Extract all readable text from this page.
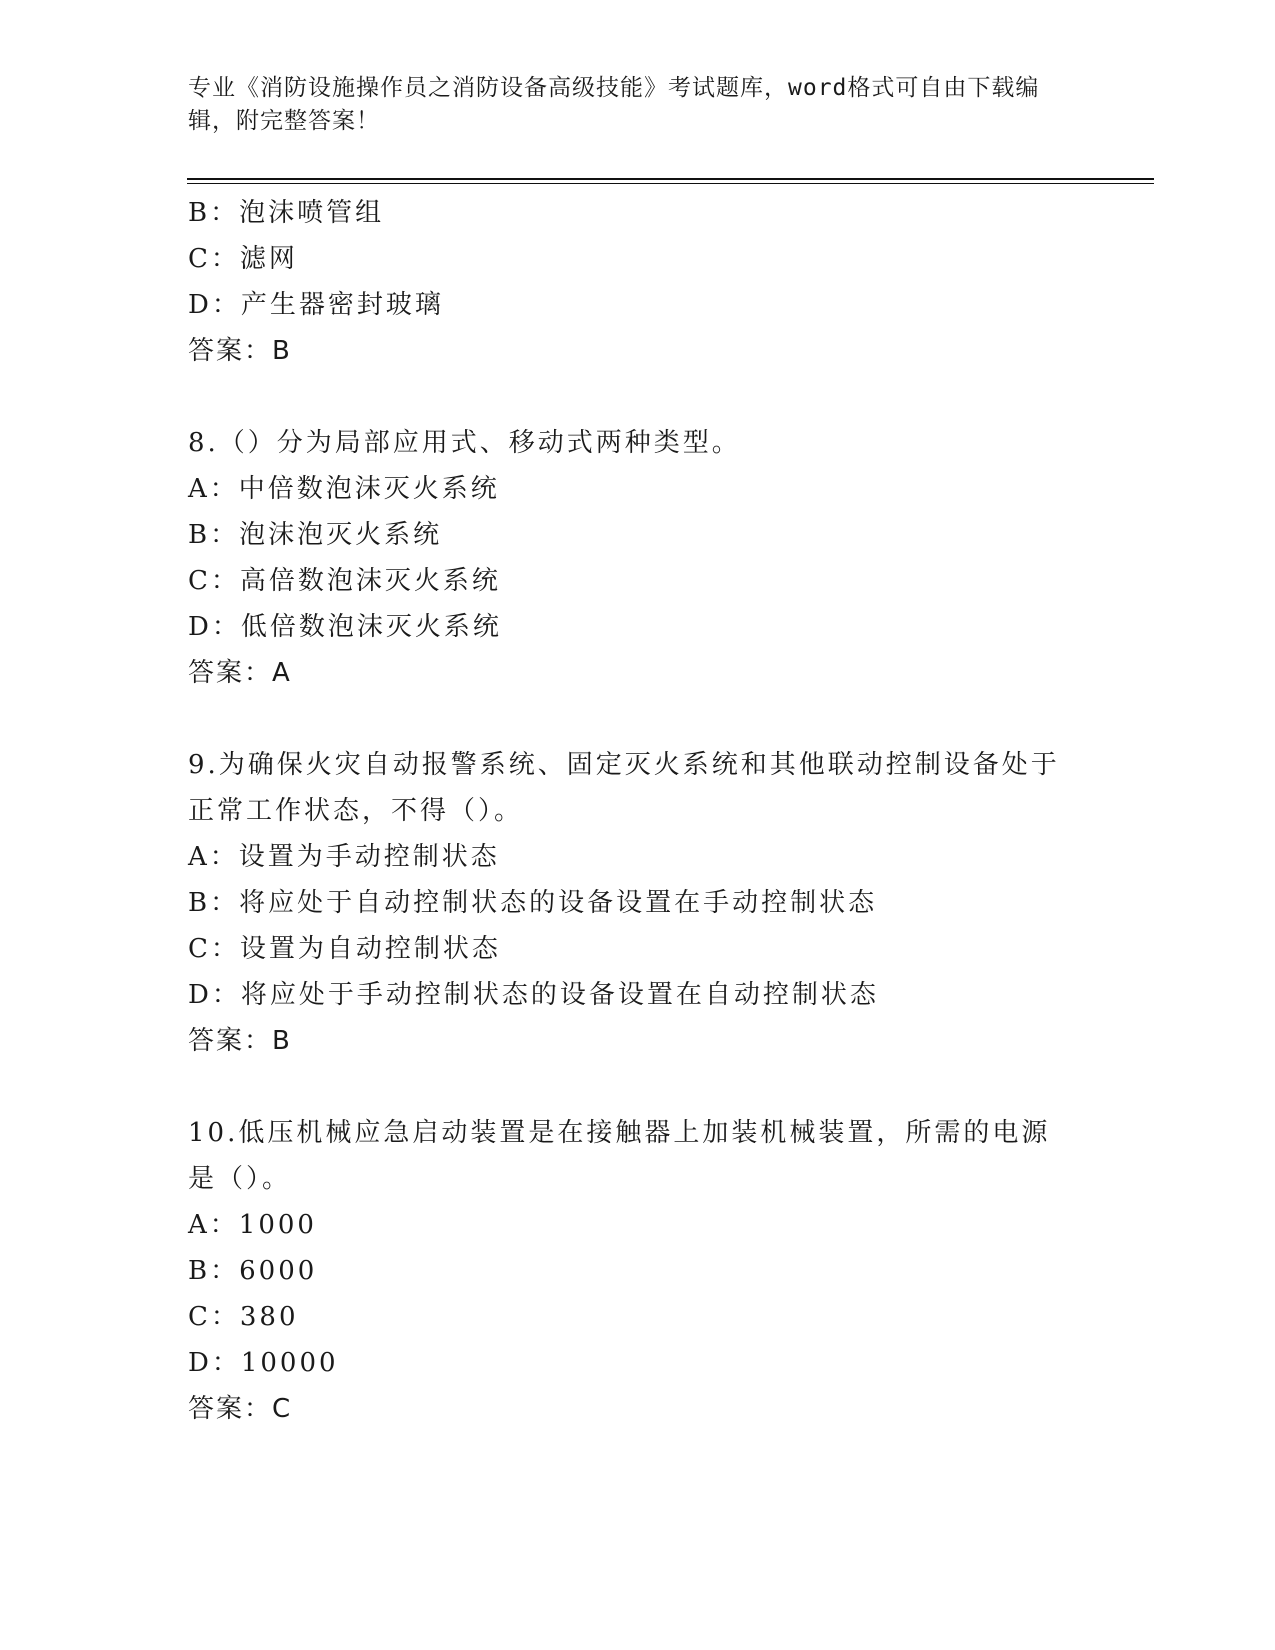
专业《消防设施操作员之消防设备高级技能》考试题库，word格式可自由下载编辑，附完整答案！
B：泡沫喷管组
C：滤网
D：产生器密封玻璃
答案：B
8.（）分为局部应用式、移动式两种类型。
A：中倍数泡沫灭火系统
B：泡沫泡灭火系统
C：高倍数泡沫灭火系统
D：低倍数泡沫灭火系统
答案：A
9.为确保火灾自动报警系统、固定灭火系统和其他联动控制设备处于正常工作状态，不得（）。
A：设置为手动控制状态
B：将应处于自动控制状态的设备设置在手动控制状态
C：设置为自动控制状态
D：将应处于手动控制状态的设备设置在自动控制状态
答案：B
10.低压机械应急启动装置是在接触器上加装机械装置，所需的电源是（）。
A：1000
B：6000
C：380
D：10000
答案：C
